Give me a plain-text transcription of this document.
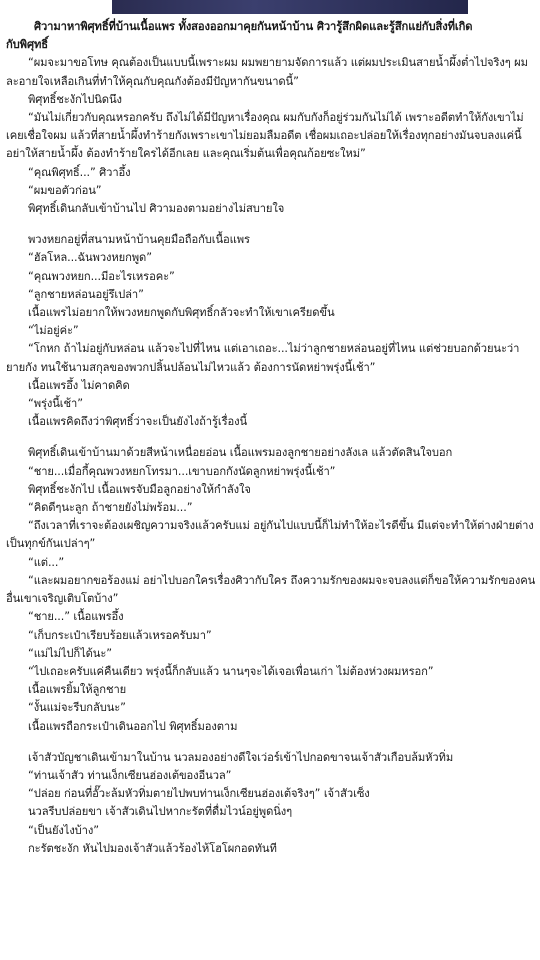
ศิวามาหาพิศุทธิ์ที่บ้านเนื้อแพร ทั้งสองออกมาคุยกันหน้าบ้าน ศิวารู้สึกผิดและรู้สึกแย่กับสิ่งที่เกิด

กับพิศุทธิ์

“ผมจะมาขอโทษ คุณต้องเป็นแบบนี้เพราะผม ผมพยายามจัดการแล้ว แต่ผมประเมินสายน้ำผึ้งต่ำไปจริงๆ ผมละอายใจเหลือเกินที่ทำให้คุณกับคุณกังต้องมีปัญหากันขนาดนี้”

พิศุทธิ์ชะงักไปนิดนึง

“มันไม่เกี่ยวกับคุณหรอกครับ ถึงไม่ได้มีปัญหาเรื่องคุณ ผมกับกังก็อยู่ร่วมกันไม่ได้ เพราะอดีตทำให้กังเขาไม่เคยเชื่อใจผม แล้วที่สายน้ำผึ้งทำร้ายกังเพราะเขาไม่ยอมลืมอดีต เชื่อผมเถอะปล่อยให้เรื่องทุกอย่างมันจบลงแค่นี้ อย่าให้สายน้ำผึ้ง ต้องทำร้ายใครได้อีกเลย และคุณเริ่มต้นเพื่อคุณก้อยซะใหม่”

“คุณพิศุทธิ์...” ศิวาอึ้ง

“ผมขอตัวก่อน”

พิศุทธิ์เดินกลับเข้าบ้านไป ศิวามองตามอย่างไม่สบายใจ

พวงหยกอยู่ที่สนามหน้าบ้านคุยมือถือกับเนื้อแพร

“ฮัลโหล...ฉันพวงหยกพูด”

“คุณพวงหยก...มีอะไรเหรอคะ”

“ลูกชายหล่อนอยู่รึเปล่า”

เนื้อแพรไม่อยากให้พวงหยกพูดกับพิศุทธิ์กลัวจะทำให้เขาเครียดขึ้น

“ไม่อยู่ค่ะ”

“โกหก ถ้าไม่อยู่กับหล่อน แล้วจะไปที่ไหน แต่เอาเถอะ...ไม่ว่าลูกชายหล่อนอยู่ที่ไหน แต่ช่วยบอกด้วยนะว่า ยายกัง ทนใช้นามสกุลของพวกปลิ้นปล้อนไม่ไหวแล้ว ต้องการนัดหย่าพรุ่งนี้เช้า”

เนื้อแพรอึ้ง ไม่คาดคิด

“พรุ่งนี้เช้า”

เนื้อแพรคิดถึงว่าพิศุทธิ์ว่าจะเป็นยังไงถ้ารู้เรื่องนี้

พิศุทธิ์เดินเข้าบ้านมาด้วยสีหน้าเหนื่อยอ่อน เนื้อแพรมองลูกชายอย่างลังเล แล้วตัดสินใจบอก

“ชาย...เมื่อกี้คุณพวงหยกโทรมา...เขาบอกกังนัดลูกหย่าพรุ่งนี้เช้า”

พิศุทธิ์ชะงักไป เนื้อแพรจับมือลูกอย่างให้กำลังใจ

“คิดดีๆนะลูก ถ้าชายยังไม่พร้อม...”

“ถึงเวลาที่เราจะต้องเผชิญความจริงแล้วครับแม่ อยู่กันไปแบบนี้ก็ไม่ทำให้อะไรดีขึ้น มีแต่จะทำให้ต่างฝ่ายต่างเป็นทุกข์กันเปล่าๆ”

“แต่...”

“และผมอยากขอร้องแม่ อย่าไปบอกใครเรื่องศิวากับใคร ถึงความรักของผมจะจบลงแต่ก็ขอให้ความรักของคนอื่นเขาเจริญเติบโตบ้าง”

“ชาย...” เนื้อแพรอึ้ง

“เก็บกระเป๋าเรียบร้อยแล้วเหรอครับมา”

“แม่ไม่ไปก็ได้นะ”

“ไปเถอะครับแค่คืนเดียว พรุ่งนี้ก็กลับแล้ว นานๆจะได้เจอเพื่อนเก่า ไม่ต้องห่วงผมหรอก”

เนื้อแพรยิ้มให้ลูกชาย

“งั้นแม่จะรีบกลับนะ”

เนื้อแพรถือกระเป๋าเดินออกไป พิศุทธิ์มองตาม

เจ้าสัวบัญชาเดินเข้ามาในบ้าน นวลมองอย่างดีใจเว่อร์เข้าไปกอดขาจนเจ้าสัวเกือบล้มหัวทิ่ม

“ท่านเจ้าสัว ท่านเง็กเซียนฮ่องเต้ของอีนวล”

“ปล่อย ก่อนที่อั๊วะล้มหัวทิ่มตายไปพบท่านเง็กเซียนฮ่องเต้จริงๆ” เจ้าสัวเซ็ง

นวลรีบปล่อยขา เจ้าสัวเดินไปหากะรัตที่ดื่มไวน์อยู่พูดนิ่งๆ

“เป็นยังไงบ้าง”

กะรัตชะงัก หันไปมองเจ้าสัวแล้วร้องไห้โฮโผกอดทันที
